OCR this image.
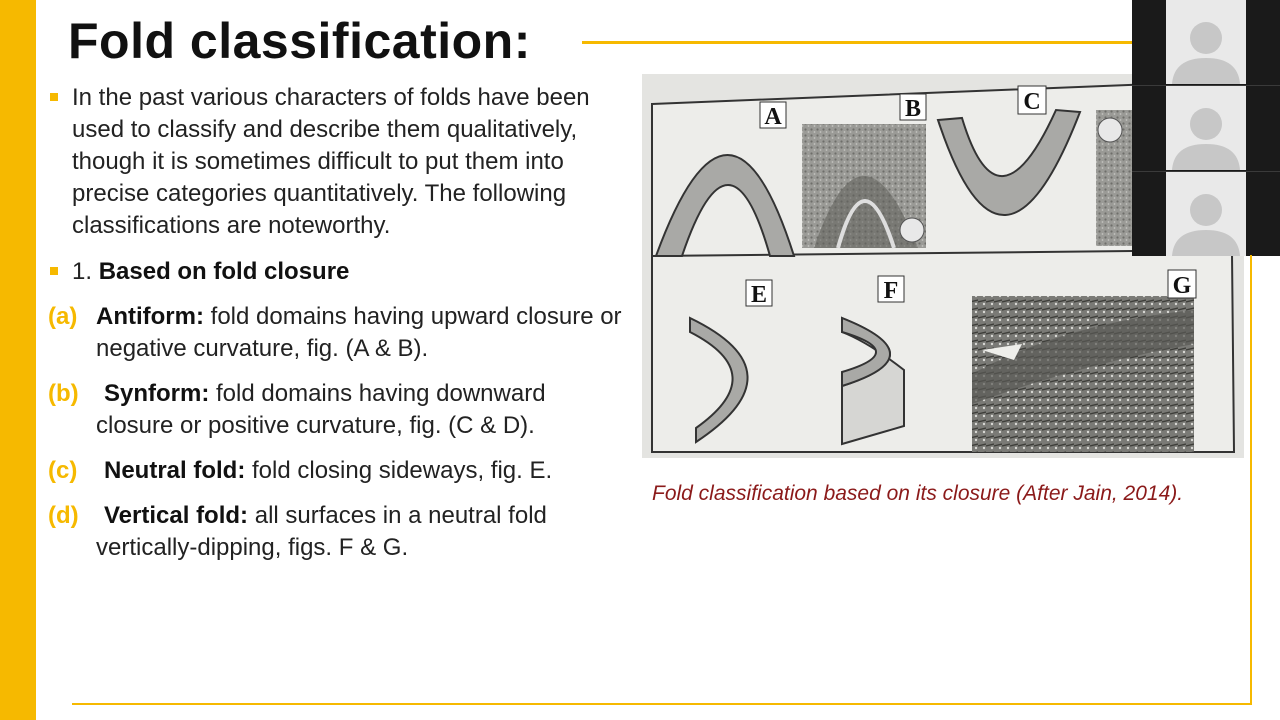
Fold classification:
In the past various characters of folds have been used to classify and describe them qualitatively, though it is sometimes difficult to put them into precise categories quantitatively. The following classifications are noteworthy.
1. Based on fold closure
(a) Antiform: fold domains having upward closure or negative curvature, fig. (A & B).
(b) Synform: fold domains having downward closure or positive curvature, fig. (C & D).
(c) Neutral fold: fold closing sideways, fig. E.
(d) Vertical fold: all surfaces in a neutral fold vertically-dipping, figs. F & G.
A	B	C
E	F	G
Fold classification based on its closure (After Jain, 2014).
